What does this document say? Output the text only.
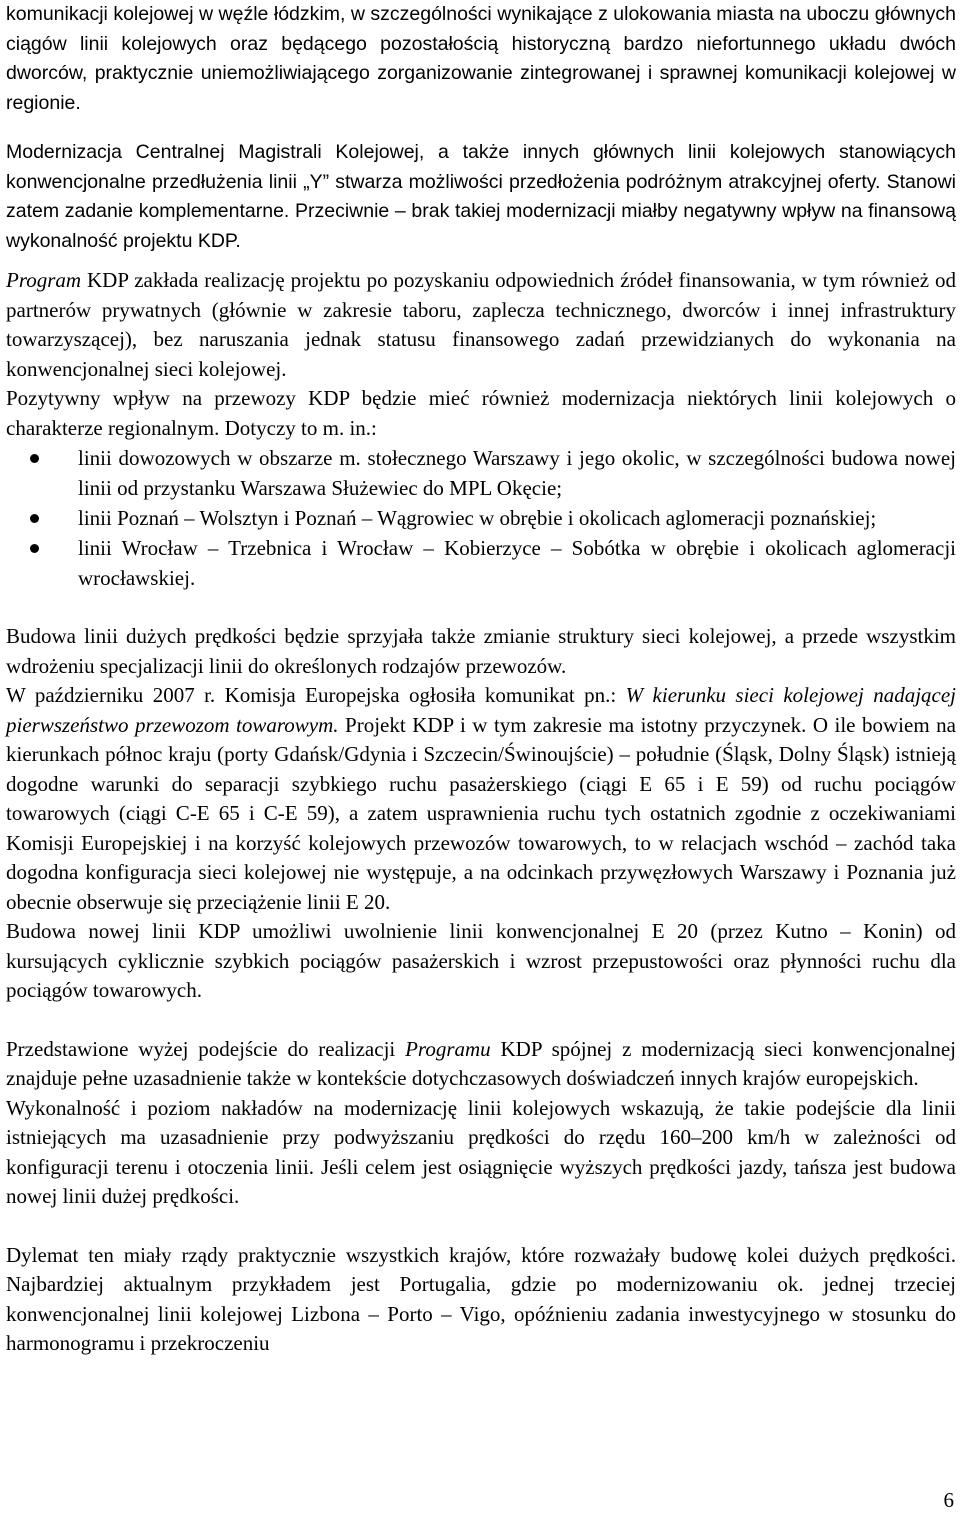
komunikacji kolejowej w węźle łódzkim, w szczególności wynikające z ulokowania miasta na uboczu głównych ciągów linii kolejowych oraz będącego pozostałością historyczną bardzo niefortunnego układu dwóch dworców, praktycznie uniemożliwiającego zorganizowanie zintegrowanej i sprawnej komunikacji kolejowej w regionie.

Modernizacja Centralnej Magistrali Kolejowej, a także innych głównych linii kolejowych stanowiących konwencjonalne przedłużenia linii „Y” stwarza możliwości przedłożenia podróżnym atrakcyjnej oferty. Stanowi zatem zadanie komplementarne. Przeciwnie – brak takiej modernizacji miałby negatywny wpływ na finansową wykonalność projektu KDP.

Program KDP zakłada realizację projektu po pozyskaniu odpowiednich źródeł finansowania, w tym również od partnerów prywatnych (głównie w zakresie taboru, zaplecza technicznego, dworców i innej infrastruktury towarzyszącej), bez naruszania jednak statusu finansowego zadań przewidzianych do wykonania na konwencjonalnej sieci kolejowej.

Pozytywny wpływ na przewozy KDP będzie mieć również modernizacja niektórych linii kolejowych o charakterze regionalnym. Dotyczy to m. in.:

linii dowozowych w obszarze m. stołecznego Warszawy i jego okolic, w szczególności budowa nowej linii od przystanku Warszawa Służewiec do MPL Okęcie;
linii Poznań – Wolsztyn i Poznań – Wągrowiec w obrębie i okolicach aglomeracji poznańskiej;
linii Wrocław – Trzebnica i Wrocław – Kobierzyce – Sobótka w obrębie i okolicach aglomeracji wrocławskiej.

Budowa linii dużych prędkości będzie sprzyjała także zmianie struktury sieci kolejowej, a przede wszystkim wdrożeniu specjalizacji linii do określonych rodzajów przewozów.

W październiku 2007 r. Komisja Europejska ogłosiła komunikat pn.: W kierunku sieci kolejowej nadającej pierwszeństwo przewozom towarowym. Projekt KDP i w tym zakresie ma istotny przyczynek. O ile bowiem na kierunkach północ kraju (porty Gdańsk/Gdynia i Szczecin/Świnoujście) – południe (Śląsk, Dolny Śląsk) istnieją dogodne warunki do separacji szybkiego ruchu pasażerskiego (ciągi E 65 i E 59) od ruchu pociągów towarowych (ciągi C-E 65 i C-E 59), a zatem usprawnienia ruchu tych ostatnich zgodnie z oczekiwaniami Komisji Europejskiej i na korzyść kolejowych przewozów towarowych, to w relacjach wschód – zachód taka dogodna konfiguracja sieci kolejowej nie występuje, a na odcinkach przywęzłowych Warszawy i Poznania już obecnie obserwuje się przeciążenie linii E 20.

Budowa nowej linii KDP umożliwi uwolnienie linii konwencjonalnej E 20 (przez Kutno – Konin) od kursujących cyklicznie szybkich pociągów pasażerskich i wzrost przepustowości oraz płynności ruchu dla pociągów towarowych.

Przedstawione wyżej podejście do realizacji Programu KDP spójnej z modernizacją sieci konwencjonalnej znajduje pełne uzasadnienie także w kontekście dotychczasowych doświadczeń innych krajów europejskich.

Wykonalność i poziom nakładów na modernizację linii kolejowych wskazują, że takie podejście dla linii istniejących ma uzasadnienie przy podwyższaniu prędkości do rzędu 160–200 km/h w zależności od konfiguracji terenu i otoczenia linii. Jeśli celem jest osiągnięcie wyższych prędkości jazdy, tańsza jest budowa nowej linii dużej prędkości.

Dylemat ten miały rządy praktycznie wszystkich krajów, które rozważały budowę kolei dużych prędkości. Najbardziej aktualnym przykładem jest Portugalia, gdzie po modernizowaniu ok. jednej trzeciej konwencjonalnej linii kolejowej Lizbona – Porto – Vigo, opóźnieniu zadania inwestycyjnego w stosunku do harmonogramu i przekroczeniu

6
